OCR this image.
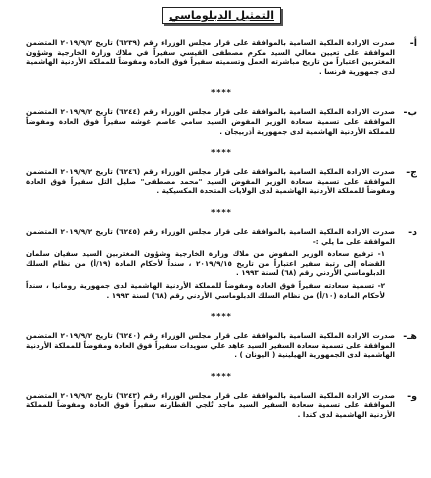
التمثيل الدبلوماسي
أ-
صدرت الارادة الملكية السامية بالموافقة على قرار مجلس الوزراء رقم (٦٢٣٩) تاريخ ٢٠١٩/٩/٢ المتضمن الموافقة على تعيين معالي السيد مكرم مصطفى القيسي سفيراً في ملاك وزارة الخارجية وشؤون المغتربين اعتباراً من تاريخ مباشرته العمل وتسميته سفيراً فوق العادة ومفوضاً للمملكة الأردنية الهاشمية لدى جمهورية فرنسا .
****
ب-
صدرت الارادة الملكية السامية بالموافقة على قرار مجلس الوزراء رقم (٦٢٤٤) تاريخ ٢٠١٩/٩/٢ المتضمن الموافقة على تسمية سعادة الوزير المفوض السيد سامي عاصم غوشه سفيراً فوق العادة ومفوضاً للمملكة الأردنية الهاشمية لدى جمهورية أذربيجان .
****
ج-
صدرت الارادة الملكية السامية بالموافقة على قرار مجلس الوزراء رقم (٦٢٤٦) تاريخ ٢٠١٩/٩/٢ المتضمن الموافقة على تسمية سعادة الوزير المفوض السيد "محمد مصطفى" صليل التل سفيراً فوق العادة ومفوضاً للمملكة الأردنية الهاشمية لدى الولايات المتحدة المكسيكية .
****
د-
صدرت الارادة الملكية السامية بالموافقة على قرار مجلس الوزراء رقم (٦٢٤٥) تاريخ ٢٠١٩/٩/٢ المتضمن الموافقة على ما يلي :-
١- ترفيع سعادة الوزير المفوض من ملاك وزارة الخارجية وشؤون المغتربين السيد سفيان سلمان القضاه إلى رتبة سفير اعتباراً من تاريخ ٢٠١٩/٩/١٥ ، سنداً لأحكام المادة (١٩/أ) من نظام السلك الدبلوماسي الأردني رقم (٦٨) لسنة ١٩٩٣ .
٢- تسمية سعادته سفيراً فوق العادة ومفوضاً للمملكة الأردنية الهاشمية لدى جمهورية رومانيا ، سنداً لأحكام المادة (١٠/أ) من نظام السلك الدبلوماسي الأردني رقم (٦٨) لسنة ١٩٩٣ .
****
هـ-
صدرت الارادة الملكية السامية بالموافقة على قرار مجلس الوزراء رقم (٦٢٤٠) تاريخ ٢٠١٩/٩/٢ المتضمن الموافقة على تسمية سعادة السفير السيد عاهد علي سويدات سفيراً فوق العادة ومفوضاً للمملكة الأردنية الهاشمية لدى الجمهورية الهيلينية ( اليونان ) .
****
و-
صدرت الارادة الملكية السامية بالموافقة على قرار مجلس الوزراء رقم (٦٢٤٣) تاريخ ٢٠١٩/٩/٢ المتضمن الموافقة على تسمية سعادة السفير السيد ماجد تُلجي القطارنه سفيراً فوق العادة ومفوضاً للمملكة الأردنية الهاشمية لدى كندا .
